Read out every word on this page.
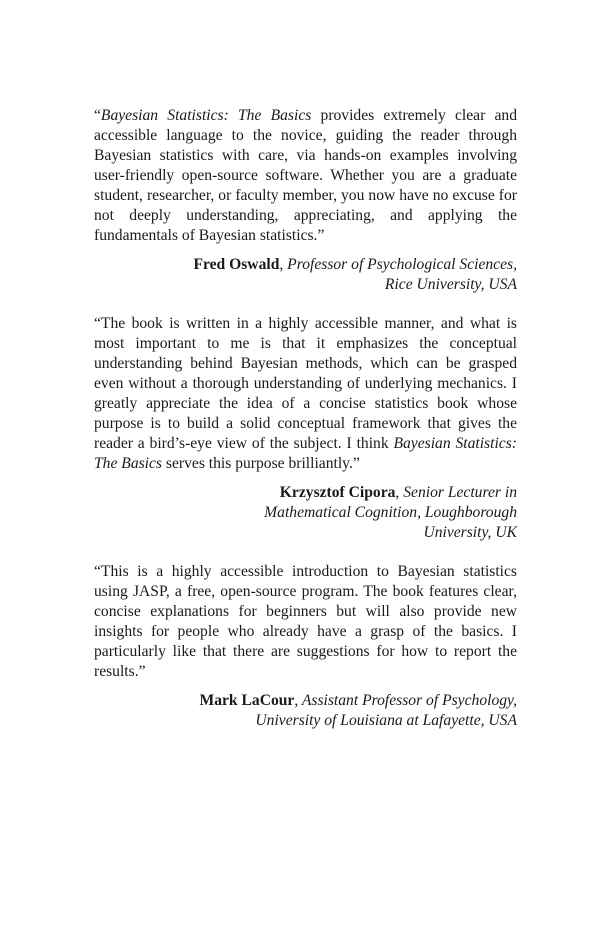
“Bayesian Statistics: The Basics provides extremely clear and accessible language to the novice, guiding the reader through Bayesian statistics with care, via hands-on examples involving user-friendly open-source software. Whether you are a graduate student, researcher, or faculty member, you now have no excuse for not deeply understanding, appreciating, and applying the fundamentals of Bayesian statistics.”

Fred Oswald, Professor of Psychological Sciences,
Rice University, USA

“The book is written in a highly accessible manner, and what is most important to me is that it emphasizes the conceptual understanding behind Bayesian methods, which can be grasped even without a thorough understanding of underlying mechanics. I greatly appreciate the idea of a concise statistics book whose purpose is to build a solid conceptual framework that gives the reader a bird’s-eye view of the subject. I think Bayesian Statistics: The Basics serves this purpose brilliantly.”

Krzysztof Cipora, Senior Lecturer in
Mathematical Cognition, Loughborough
University, UK

“This is a highly accessible introduction to Bayesian statistics using JASP, a free, open-source program. The book features clear, concise explanations for beginners but will also provide new insights for people who already have a grasp of the basics. I particularly like that there are suggestions for how to report the results.”

Mark LaCour, Assistant Professor of Psychology,
University of Louisiana at Lafayette, USA
